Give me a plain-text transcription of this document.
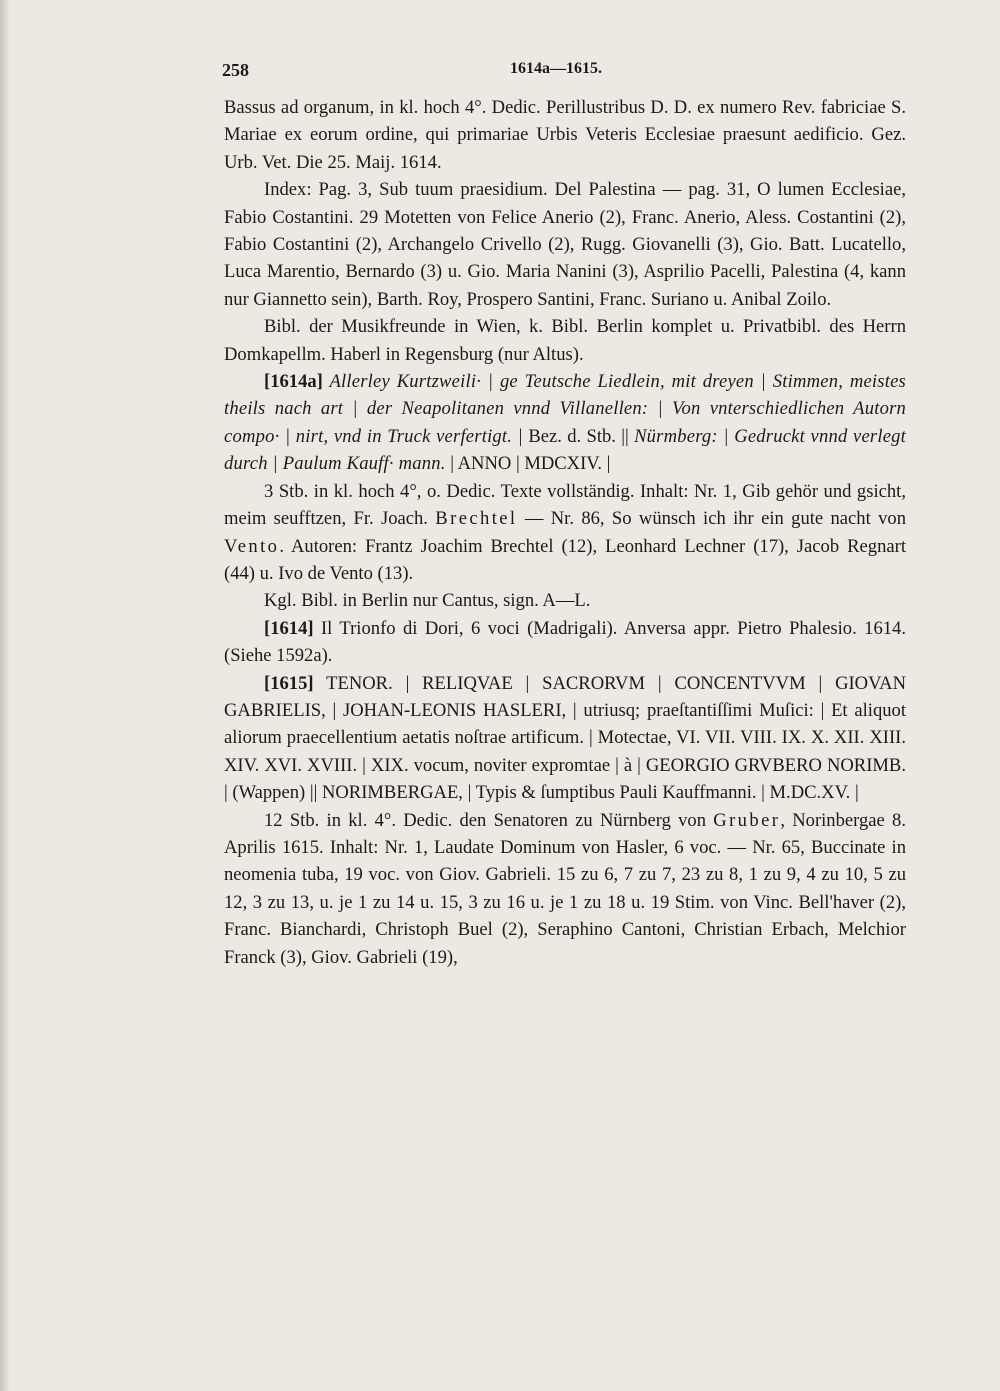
258	1614a—1615.

Bassus ad organum, in kl. hoch 4°. Dedic. Perillustribus D. D. ex numero Rev. fabriciae S. Mariae ex eorum ordine, qui primariae Urbis Veteris Ecclesiae praesunt aedificio. Gez. Urb. Vet. Die 25. Maij. 1614.

Index: Pag. 3, Sub tuum praesidium. Del Palestina — pag. 31, O lumen Ecclesiae, Fabio Costantini. 29 Motetten von Felice Anerio (2), Franc. Anerio, Aless. Costantini (2), Fabio Costantini (2), Archangelo Crivello (2), Rugg. Giovanelli (3), Gio. Batt. Lucatello, Luca Marentio, Bernardo (3) u. Gio. Maria Nanini (3), Asprilio Pacelli, Palestina (4, kann nur Giannetto sein), Barth. Roy, Prospero Santini, Franc. Suriano u. Anibal Zoilo.

Bibl. der Musikfreunde in Wien, k. Bibl. Berlin komplet u. Privatbibl. des Herrn Domkapellm. Haberl in Regensburg (nur Altus).

[1614a] Allerley Kurtzweili· | ge Teutsche Liedlein, mit dreyen | Stimmen, meistes theils nach art | der Neapolitanen vnnd Villanellen: | Von vnterschiedlichen Autorn compo· | nirt, vnd in Truck verfertigt. | Bez. d. Stb. || Nürmberg: | Gedruckt vnnd verlegt durch | Paulum Kauff· mann. | ANNO | MDCXIV. |

3 Stb. in kl. hoch 4°, o. Dedic. Texte vollständig. Inhalt: Nr. 1, Gib gehör und gsicht, meim seufftzen, Fr. Joach. Brechtel — Nr. 86, So wünsch ich ihr ein gute nacht von Vento. Autoren: Frantz Joachim Brechtel (12), Leonhard Lechner (17), Jacob Regnart (44) u. Ivo de Vento (13).

Kgl. Bibl. in Berlin nur Cantus, sign. A—L.

[1614] Il Trionfo di Dori, 6 voci (Madrigali). Anversa appr. Pietro Phalesio. 1614. (Siehe 1592a).

[1615] TENOR. | RELIQVAE | SACRORVM | CONCENTVVM | GIOVAN GABRIELIS, | JOHAN-LEONIS HASLERI, | utriusq; praeſtantiſſimi Muſici: | Et aliquot aliorum praecellentium aetatis noſtrae artificum. | Motectae, VI. VII. VIII. IX. X. XII. XIII. XIV. XVI. XVIII. | XIX. vocum, noviter expromtae | à | GEORGIO GRVBERO NORIMB. | (Wappen) || NORIMBERGAE, | Typis & ſumptibus Pauli Kauffmanni. | M.DC.XV. |

12 Stb. in kl. 4°. Dedic. den Senatoren zu Nürnberg von Gruber, Norinbergae 8. Aprilis 1615. Inhalt: Nr. 1, Laudate Dominum von Hasler, 6 voc. — Nr. 65, Buccinate in neomenia tuba, 19 voc. von Giov. Gabrieli. 15 zu 6, 7 zu 7, 23 zu 8, 1 zu 9, 4 zu 10, 5 zu 12, 3 zu 13, u. je 1 zu 14 u. 15, 3 zu 16 u. je 1 zu 18 u. 19 Stim. von Vinc. Bell'haver (2), Franc. Bianchardi, Christoph Buel (2), Seraphino Cantoni, Christian Erbach, Melchior Franck (3), Giov. Gabrieli (19),
